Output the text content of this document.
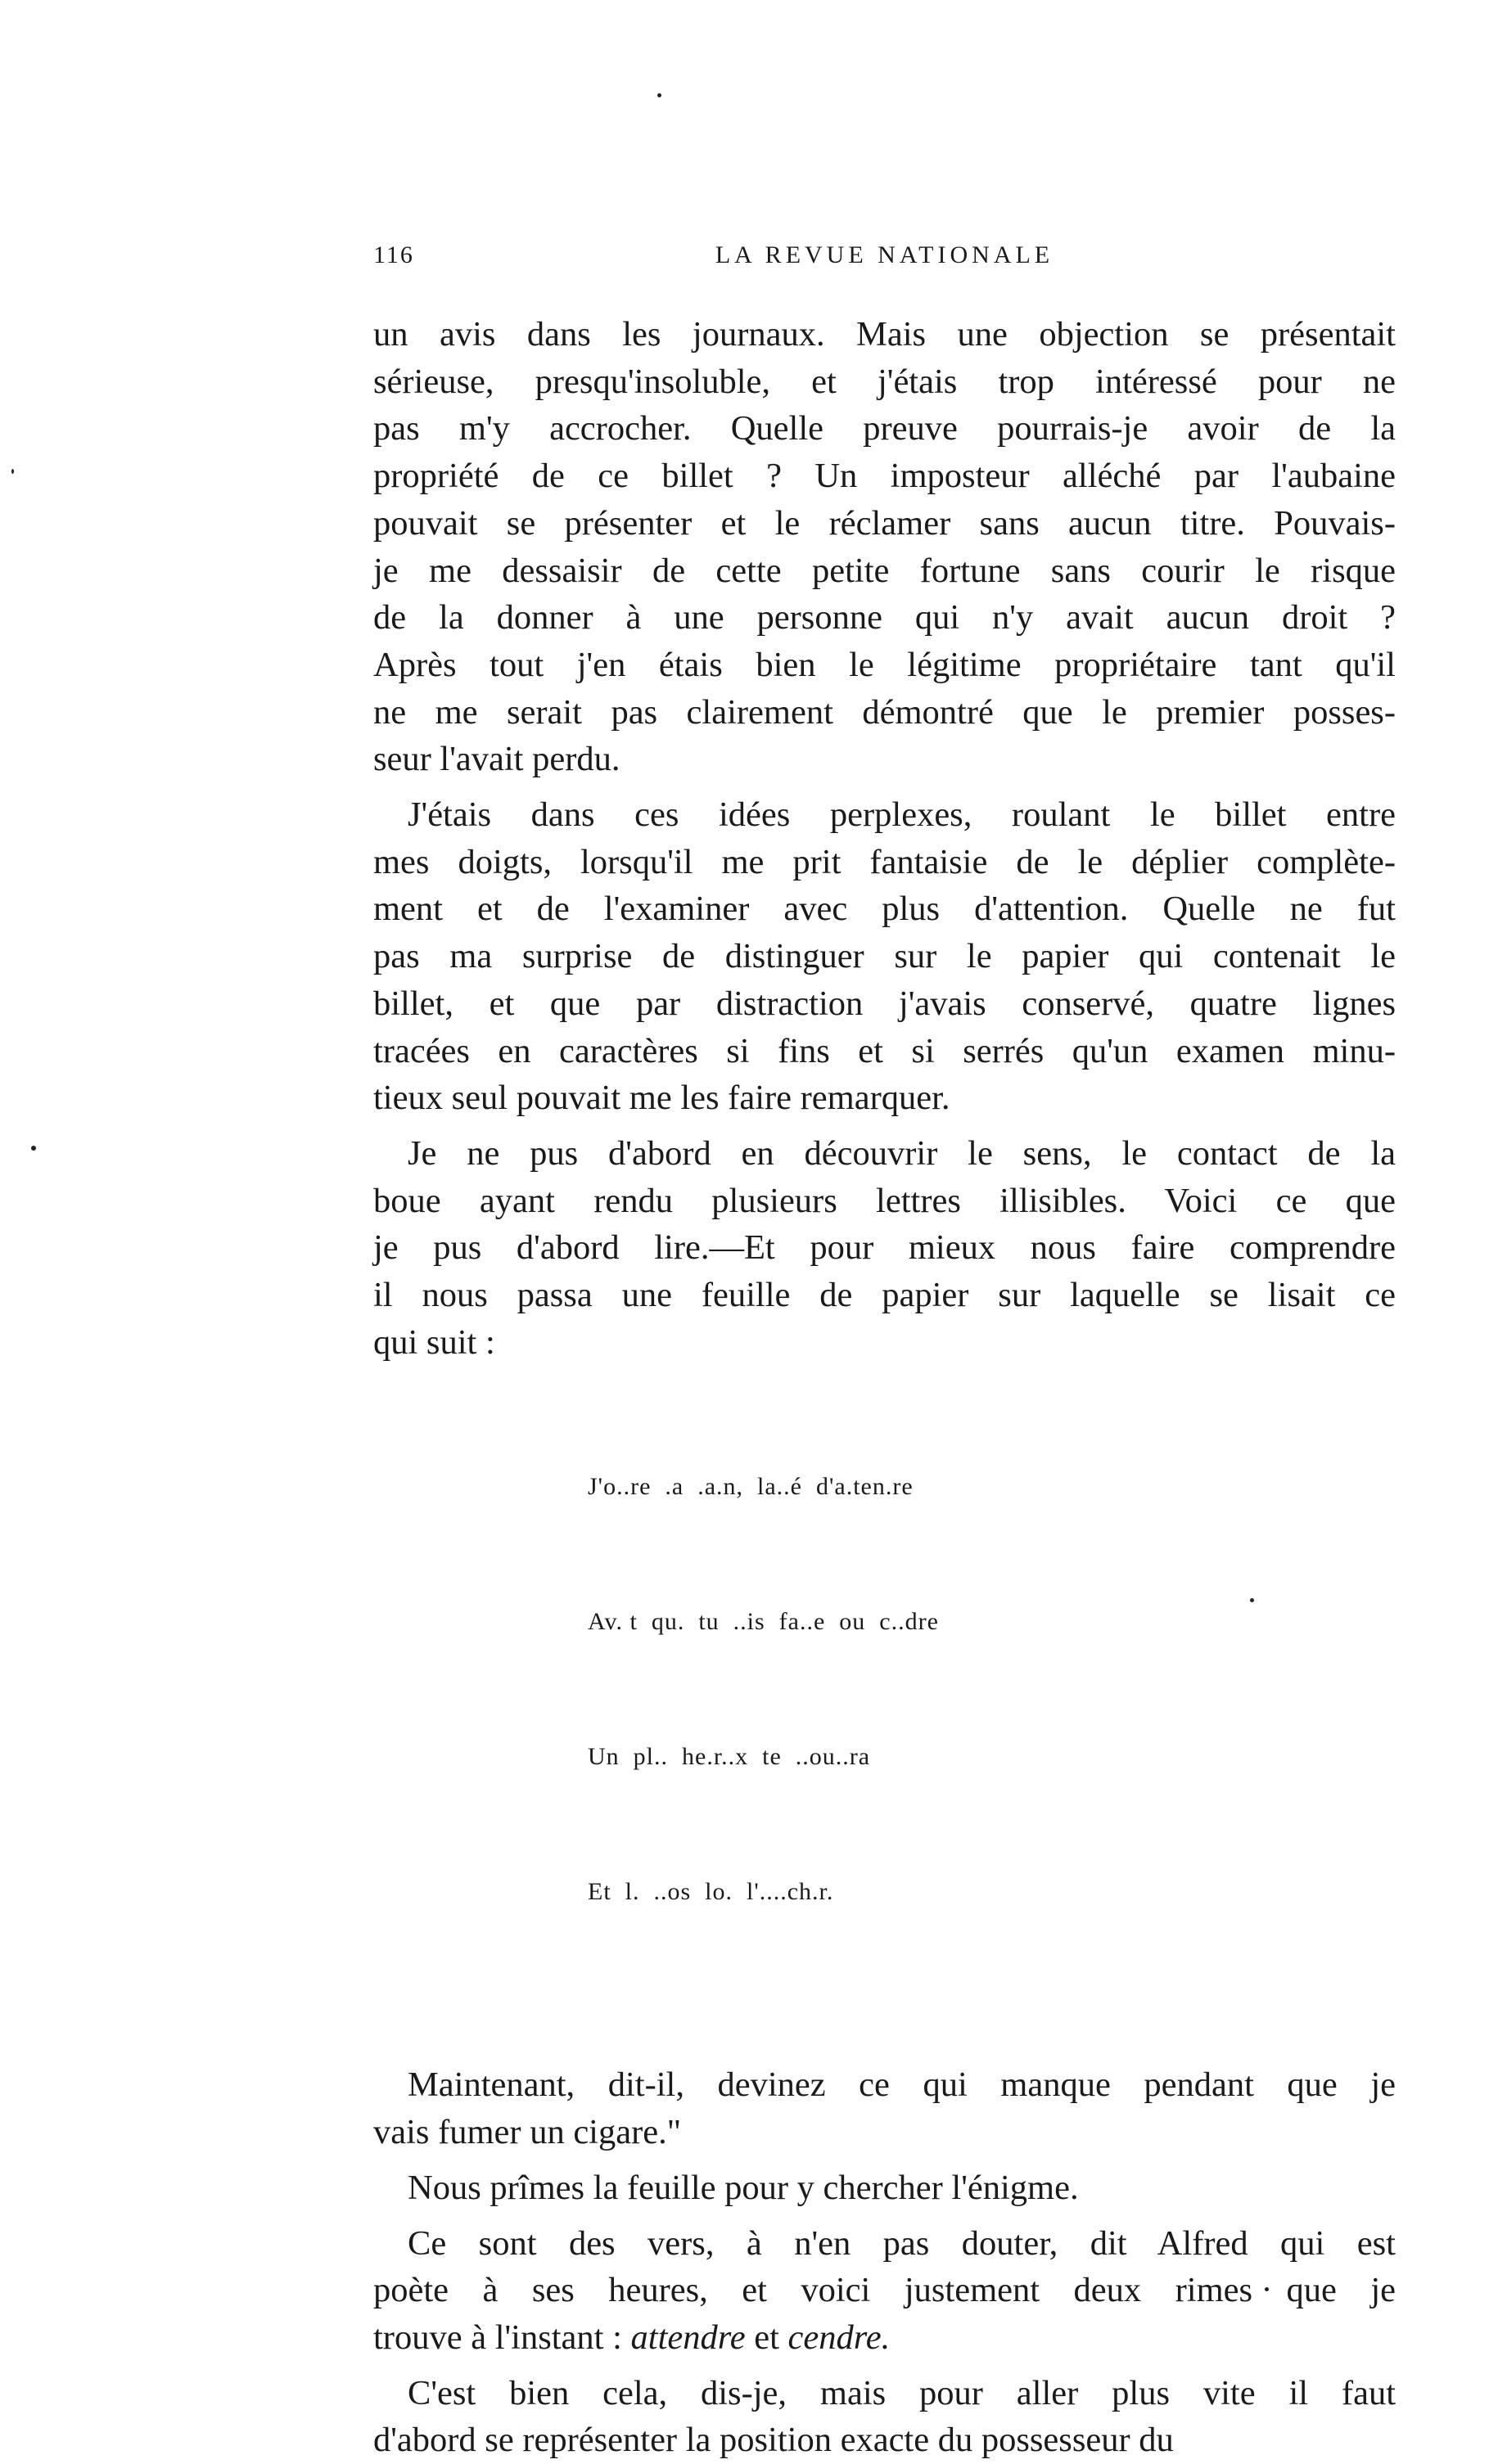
116	LA REVUE NATIONALE

un avis dans les journaux. Mais une objection se présentait
sérieuse, presqu'insoluble, et j'étais trop intéressé pour ne
pas m'y accrocher. Quelle preuve pourrais-je avoir de la
propriété de ce billet ? Un imposteur alléché par l'aubaine
pouvait se présenter et le réclamer sans aucun titre. Pouvais-
je me dessaisir de cette petite fortune sans courir le risque
de la donner à une personne qui n'y avait aucun droit ?
Après tout j'en étais bien le légitime propriétaire tant qu'il
ne me serait pas clairement démontré que le premier posses-
seur l'avait perdu.

J'étais dans ces idées perplexes, roulant le billet entre
mes doigts, lorsqu'il me prit fantaisie de le déplier complète-
ment et de l'examiner avec plus d'attention. Quelle ne fut
pas ma surprise de distinguer sur le papier qui contenait le
billet, et que par distraction j'avais conservé, quatre lignes
tracées en caractères si fins et si serrés qu'un examen minu-
tieux seul pouvait me les faire remarquer.

Je ne pus d'abord en découvrir le sens, le contact de la
boue ayant rendu plusieurs lettres illisibles. Voici ce que
je pus d'abord lire.—Et pour mieux nous faire comprendre
il nous passa une feuille de papier sur laquelle se lisait ce
qui suit :

J'o..re  .a  .a.n,  la..é  d'a.ten.re

Av. t  qu.  tu  ..is  fa..e  ou  c..dre

Un  pl..  he.r..x  te  ..ou..ra

Et  l.  ..os  lo.  l'....ch.r.

Maintenant, dit-il, devinez ce qui manque pendant que je
vais fumer un cigare."

Nous prîmes la feuille pour y chercher l'énigme.

Ce sont des vers, à n'en pas douter, dit Alfred qui est
poète à ses heures, et voici justement deux rimes que je
trouve à l'instant : attendre et cendre.

C'est bien cela, dis-je, mais pour aller plus vite il faut
d'abord se représenter la position exacte du possesseur du
